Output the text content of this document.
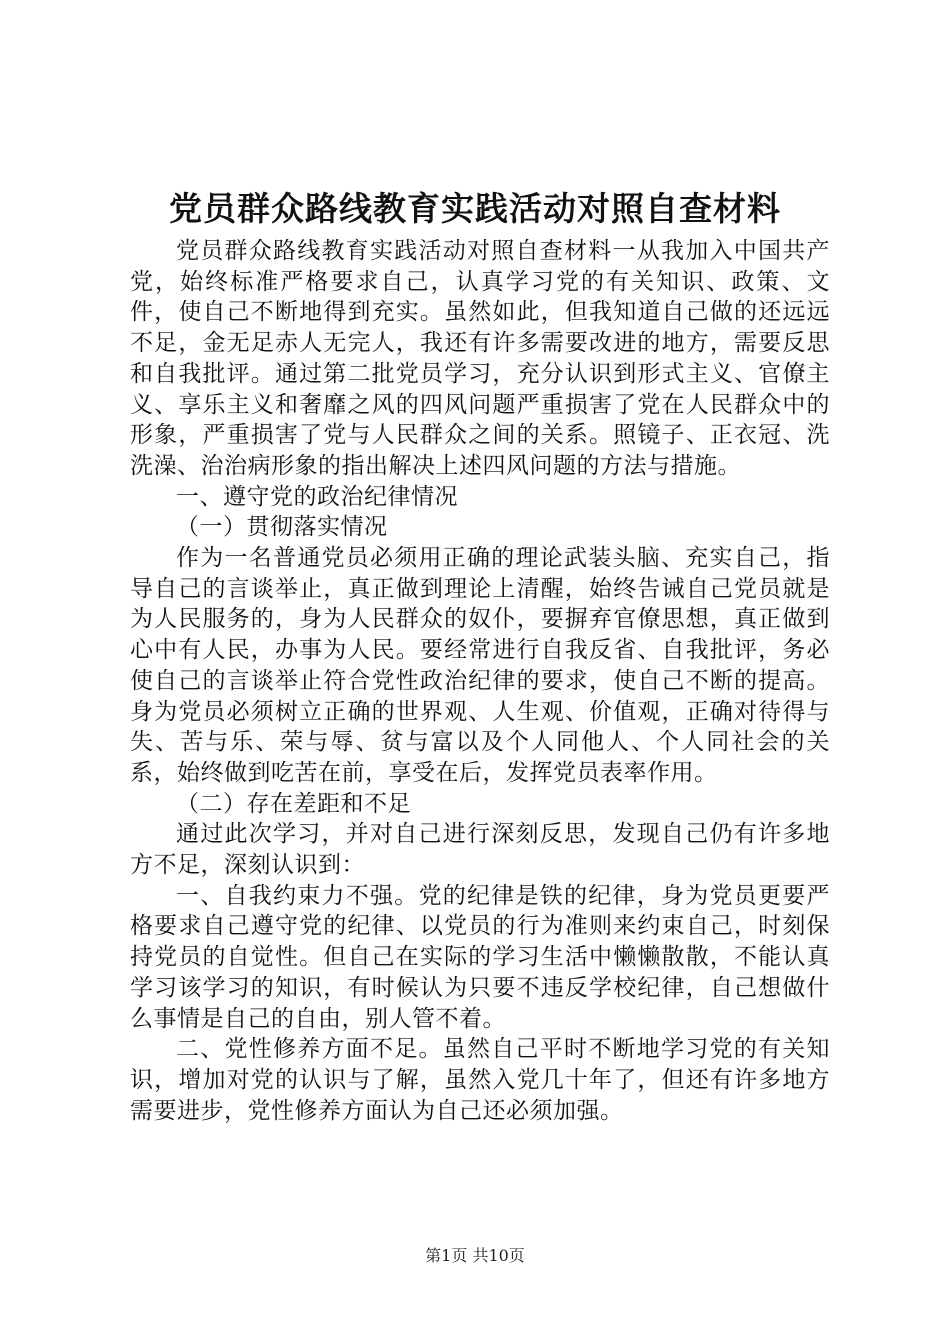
党员群众路线教育实践活动对照自查材料

党员群众路线教育实践活动对照自查材料一从我加入中国共产党，始终标准严格要求自己，认真学习党的有关知识、政策、文件，使自己不断地得到充实。虽然如此，但我知道自己做的还远远不足，金无足赤人无完人，我还有许多需要改进的地方，需要反思和自我批评。通过第二批党员学习，充分认识到形式主义、官僚主义、享乐主义和奢靡之风的四风问题严重损害了党在人民群众中的形象，严重损害了党与人民群众之间的关系。照镜子、正衣冠、洗洗澡、治治病形象的指出解决上述四风问题的方法与措施。

一、遵守党的政治纪律情况

（一）贯彻落实情况

作为一名普通党员必须用正确的理论武装头脑、充实自己，指导自己的言谈举止，真正做到理论上清醒，始终告诫自己党员就是为人民服务的，身为人民群众的奴仆，要摒弃官僚思想，真正做到心中有人民，办事为人民。要经常进行自我反省、自我批评，务必使自己的言谈举止符合党性政治纪律的要求，使自己不断的提高。身为党员必须树立正确的世界观、人生观、价值观，正确对待得与失、苦与乐、荣与辱、贫与富以及个人同他人、个人同社会的关系，始终做到吃苦在前，享受在后，发挥党员表率作用。

（二）存在差距和不足

通过此次学习，并对自己进行深刻反思，发现自己仍有许多地方不足，深刻认识到：

一、自我约束力不强。党的纪律是铁的纪律，身为党员更要严格要求自己遵守党的纪律、以党员的行为准则来约束自己，时刻保持党员的自觉性。但自己在实际的学习生活中懒懒散散，不能认真学习该学习的知识，有时候认为只要不违反学校纪律，自己想做什么事情是自己的自由，别人管不着。

二、党性修养方面不足。虽然自己平时不断地学习党的有关知识，增加对党的认识与了解，虽然入党几十年了，但还有许多地方需要进步，党性修养方面认为自己还必须加强。

第1页 共10页
